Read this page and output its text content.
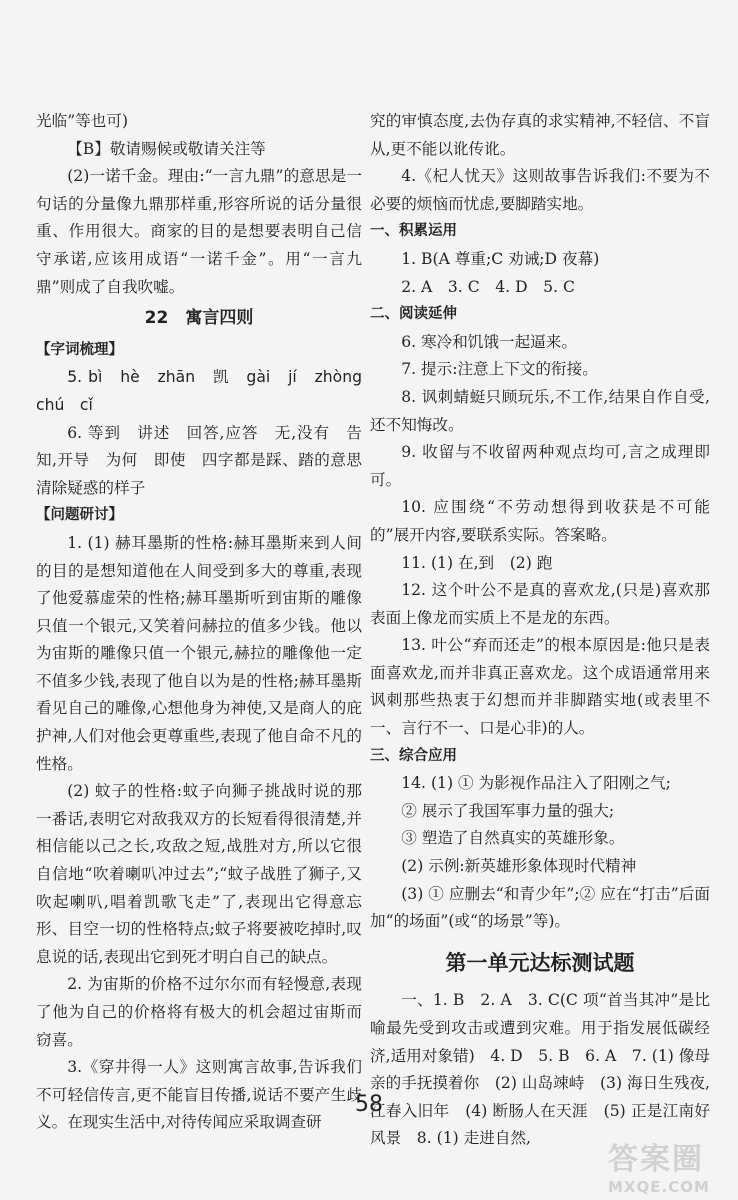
光临”等也可)

【B】敬请赐候或敬请关注等

(2)一诺千金。理由:“一言九鼎”的意思是一句话的分量像九鼎那样重,形容所说的话分量很重、作用很大。商家的目的是想要表明自己信守承诺,应该用成语“一诺千金”。用“一言九鼎”则成了自我吹嘘。

22　寓言四则

【字词梳理】

5. bì　hè　zhān　凯　gài　jí　zhòng　chú　cǐ

6. 等到　讲述　回答,应答　无,没有　告知,开导　为何　即使　四字都是踩、踏的意思　清除疑惑的样子

【问题研讨】

1. (1) 赫耳墨斯的性格:赫耳墨斯来到人间的目的是想知道他在人间受到多大的尊重,表现了他爱慕虚荣的性格;赫耳墨斯听到宙斯的雕像只值一个银元,又笑着问赫拉的值多少钱。他以为宙斯的雕像只值一个银元,赫拉的雕像他一定不值多少钱,表现了他自以为是的性格;赫耳墨斯看见自己的雕像,心想他身为神使,又是商人的庇护神,人们对他会更尊重些,表现了他自命不凡的性格。

(2) 蚊子的性格:蚊子向狮子挑战时说的那一番话,表明它对敌我双方的长短看得很清楚,并相信能以己之长,攻敌之短,战胜对方,所以它很自信地“吹着喇叭冲过去”;“蚊子战胜了狮子,又吹起喇叭,唱着凯歌飞走”了,表现出它得意忘形、目空一切的性格特点;蚊子将要被吃掉时,叹息说的话,表现出它到死才明白自己的缺点。

2. 为宙斯的价格不过尔尔而有轻慢意,表现了他为自己的价格将有极大的机会超过宙斯而窃喜。

3.《穿井得一人》这则寓言故事,告诉我们不可轻信传言,更不能盲目传播,说话不要产生歧义。在现实生活中,对待传闻应采取调查研

究的审慎态度,去伪存真的求实精神,不轻信、不盲从,更不能以讹传讹。

4.《杞人忧天》这则故事告诉我们:不要为不必要的烦恼而忧虑,要脚踏实地。

一、积累运用

1. B(A 尊重;C 劝诫;D 夜幕)

2. A　3. C　4. D　5. C

二、阅读延伸

6. 寒冷和饥饿一起逼来。

7. 提示:注意上下文的衔接。

8. 讽刺蜻蜓只顾玩乐,不工作,结果自作自受,还不知悔改。

9. 收留与不收留两种观点均可,言之成理即可。

10. 应围绕“不劳动想得到收获是不可能的”展开内容,要联系实际。答案略。

11. (1) 在,到　(2) 跑

12. 这个叶公不是真的喜欢龙,(只是)喜欢那表面上像龙而实质上不是龙的东西。

13. 叶公“弃而还走”的根本原因是:他只是表面喜欢龙,而并非真正喜欢龙。这个成语通常用来讽刺那些热衷于幻想而并非脚踏实地(或表里不一、言行不一、口是心非)的人。

三、综合应用

14. (1) ① 为影视作品注入了阳刚之气;

② 展示了我国军事力量的强大;

③ 塑造了自然真实的英雄形象。

(2) 示例:新英雄形象体现时代精神

(3) ① 应删去“和青少年”;② 应在“打击”后面加“的场面”(或“的场景”等)。

第一单元达标测试题

一、1. B　2. A　3. C(C 项“首当其冲”是比喻最先受到攻击或遭到灾难。用于指发展低碳经济,适用对象错)　4. D　5. B　6. A　7. (1) 像母亲的手抚摸着你　(2) 山岛竦峙　(3) 海日生残夜,江春入旧年　(4) 断肠人在天涯　(5) 正是江南好风景　8. (1) 走进自然,

58
答案圈
MXQE.COM
